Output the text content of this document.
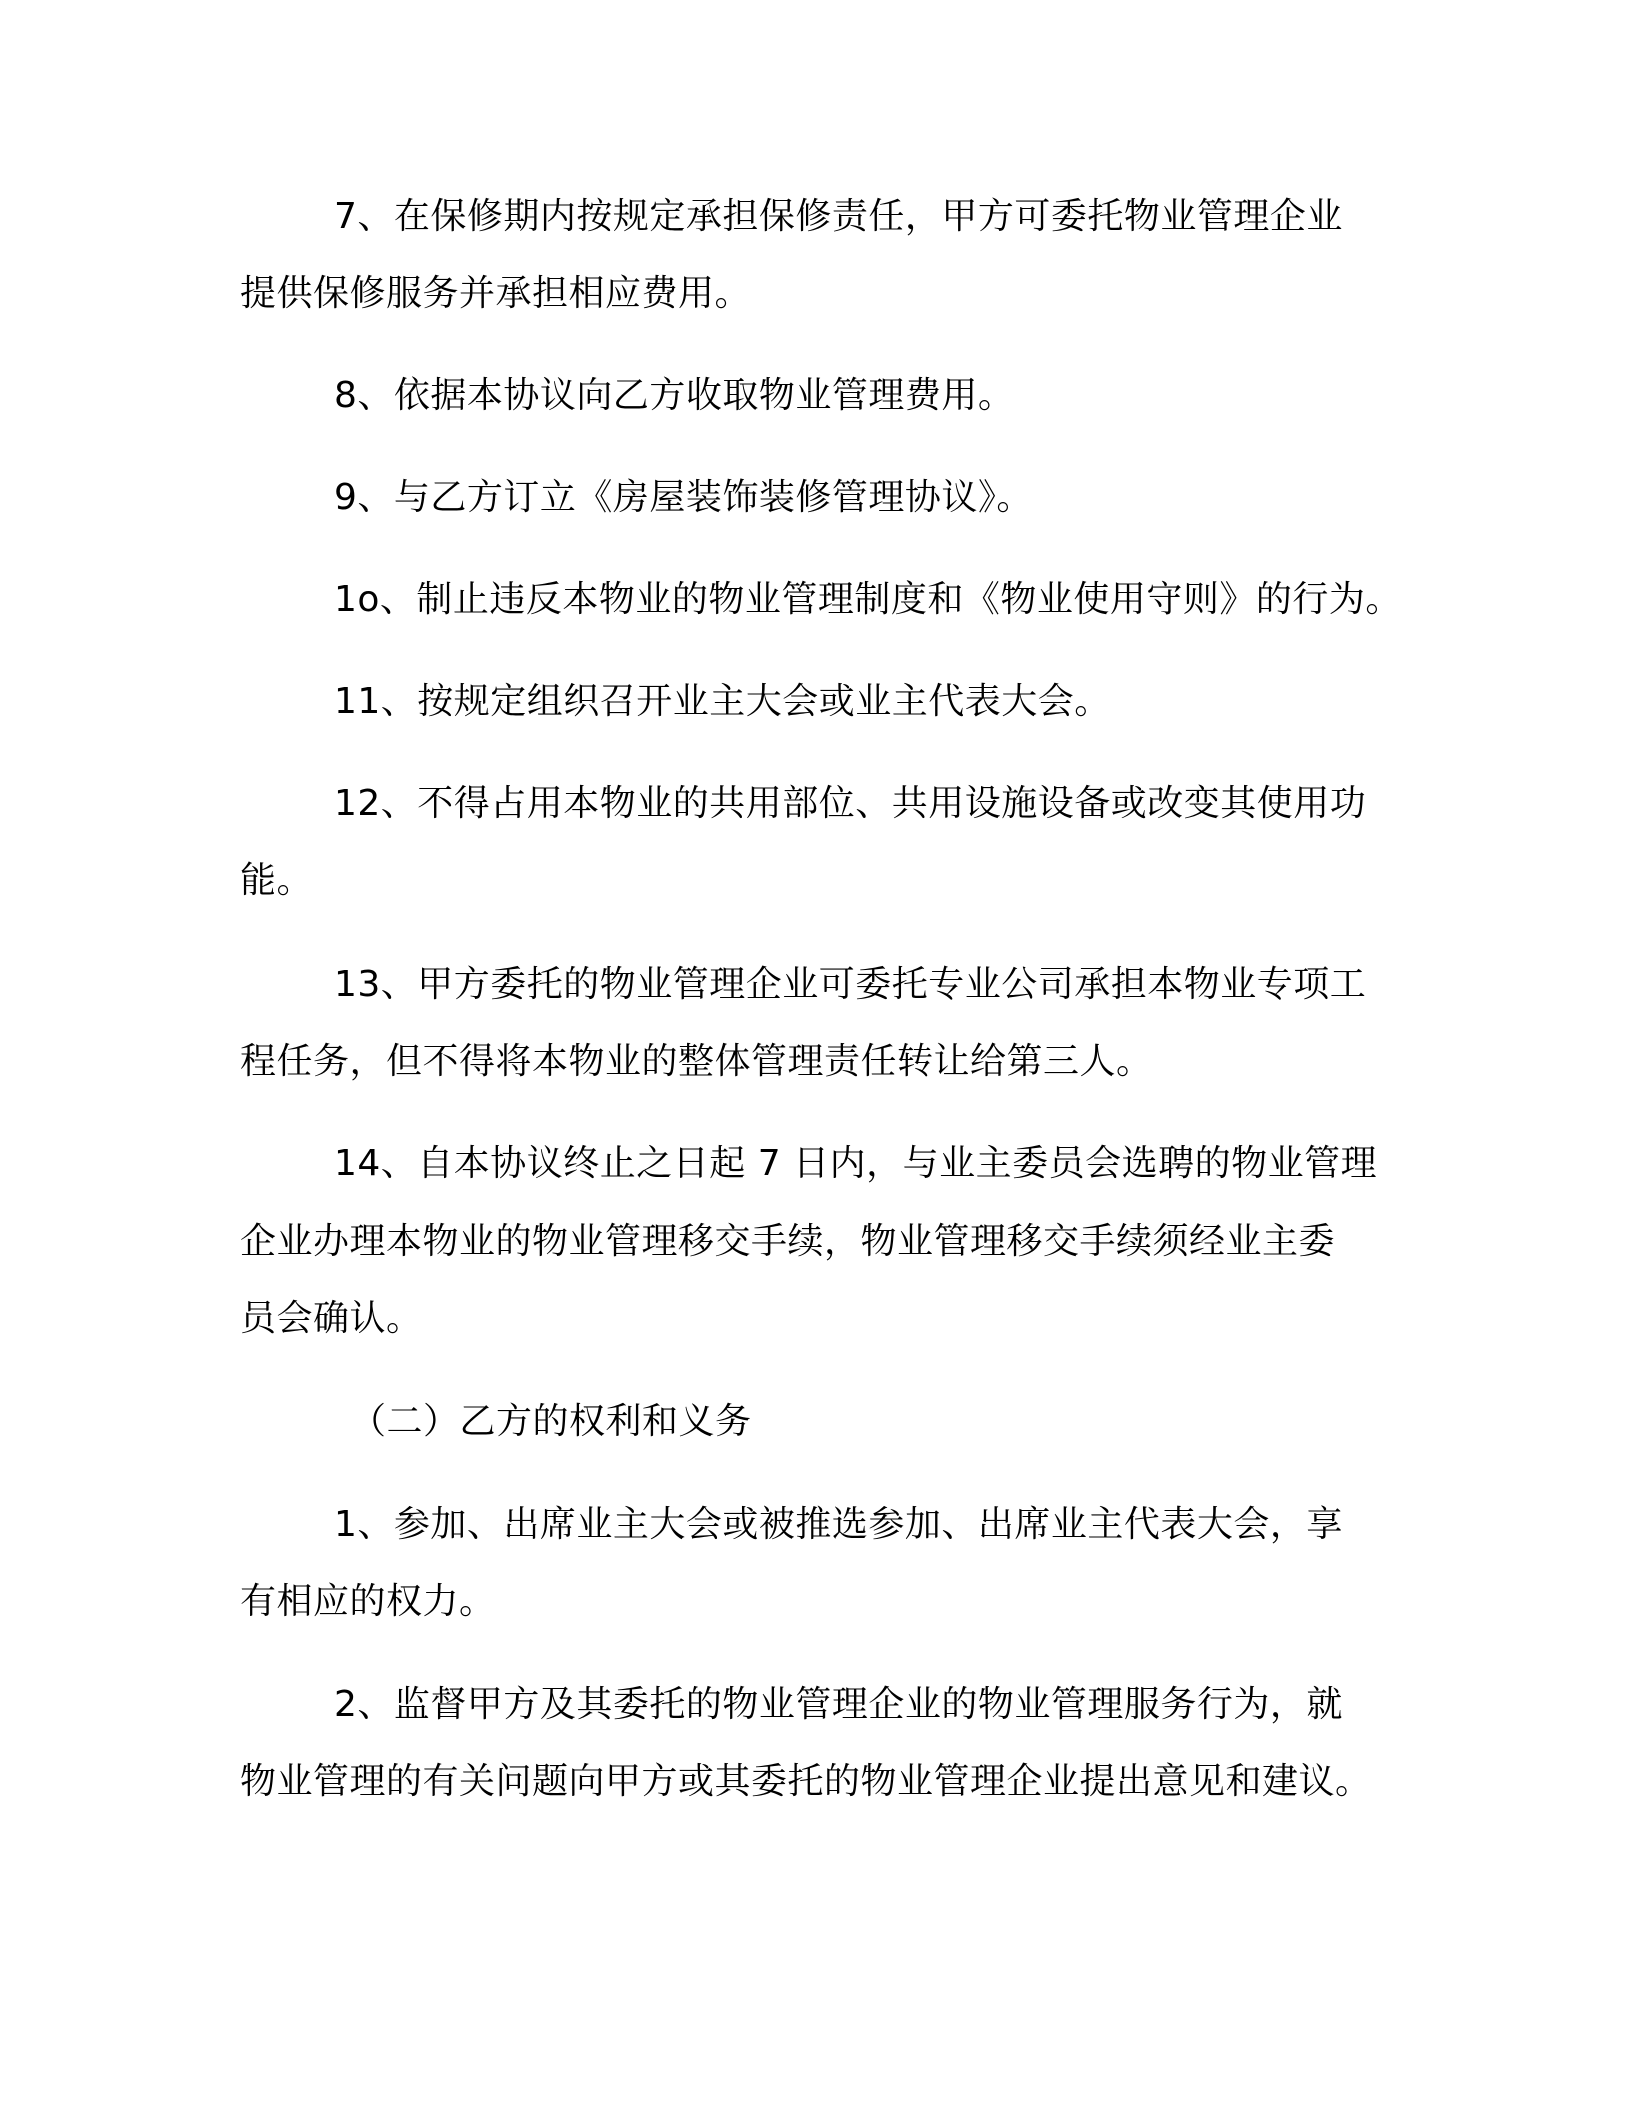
7、在保修期内按规定承担保修责任，甲方可委托物业管理企业
提供保修服务并承担相应费用。
8、依据本协议向乙方收取物业管理费用。
9、与乙方订立《房屋装饰装修管理协议》。
1o、制止违反本物业的物业管理制度和《物业使用守则》的行为。
11、按规定组织召开业主大会或业主代表大会。
12、不得占用本物业的共用部位、共用设施设备或改变其使用功
能。
13、甲方委托的物业管理企业可委托专业公司承担本物业专项工
程任务，但不得将本物业的整体管理责任转让给第三人。
14、自本协议终止之日起 7 日内，与业主委员会选聘的物业管理
企业办理本物业的物业管理移交手续，物业管理移交手续须经业主委
员会确认。
（二）乙方的权利和义务
1、参加、出席业主大会或被推选参加、出席业主代表大会，享
有相应的权力。
2、监督甲方及其委托的物业管理企业的物业管理服务行为，就
物业管理的有关问题向甲方或其委托的物业管理企业提出意见和建议。
